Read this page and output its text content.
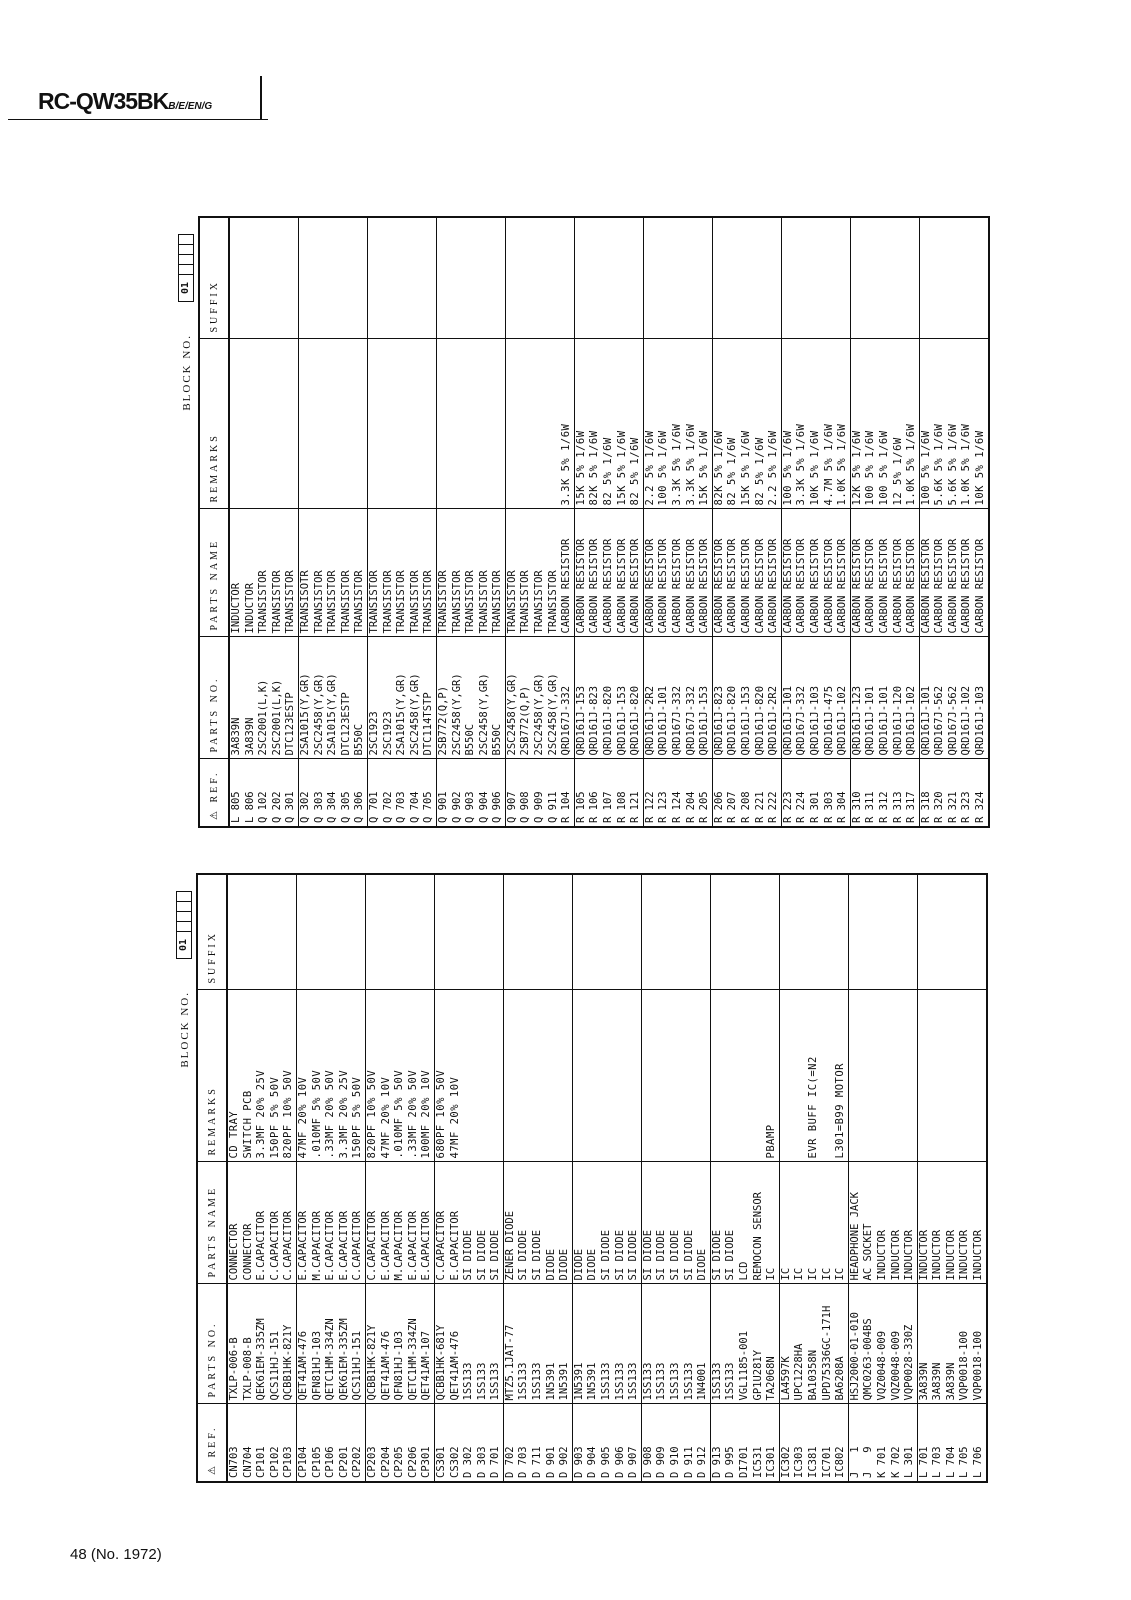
RC-QW35BKB/E/EN/G
BLOCK NO.
01
⚠ REF.	PARTS NO.	PARTS NAME	REMARKS	SUFFIX
CN703	TXLP-006-B	CONNECTOR	CD TRAY	
CN704	TXLP-008-B	CONNECTOR	SWITCH PCB	
CP101	QEK61EM-335ZM	E.CAPACITOR	3.3MF 20% 25V	
CP102	QCS11HJ-151	C.CAPACITOR	150PF 5% 50V	
CP103	QCBB1HK-821Y	C.CAPACITOR	820PF 10% 50V	
CP104	QET41AM-476	E.CAPACITOR	47MF 20% 10V	
CP105	QFN81HJ-103	M.CAPACITOR	.010MF 5% 50V	
CP106	QETC1HM-334ZN	E.CAPACITOR	.33MF 20% 50V	
CP201	QEK61EM-335ZM	E.CAPACITOR	3.3MF 20% 25V	
CP202	QCS11HJ-151	C.CAPACITOR	150PF 5% 50V	
CP203	QCBB1HK-821Y	C.CAPACITOR	820PF 10% 50V	
CP204	QET41AM-476	E.CAPACITOR	47MF 20% 10V	
CP205	QFN81HJ-103	M.CAPACITOR	.010MF 5% 50V	
CP206	QETC1HM-334ZN	E.CAPACITOR	.33MF 20% 50V	
CP301	QET41AM-107	E.CAPACITOR	100MF 20% 10V	
CS301	QCBB1HK-681Y	C.CAPACITOR	680PF 10% 50V	
CS302	QET41AM-476	E.CAPACITOR	47MF 20% 10V	
D 302	1SS133	SI DIODE		
D 303	1SS133	SI DIODE		
D 701	1SS133	SI DIODE		
D 702	MTZ5.1JAT-77	ZENER DIODE		
D 703	1SS133	SI DIODE		
D 711	1SS133	SI DIODE		
D 901	1N5391	DIODE		
D 902	1N5391	DIODE		
D 903	1N5391	DIODE		
D 904	1N5391	DIODE		
D 905	1SS133	SI DIODE		
D 906	1SS133	SI DIODE		
D 907	1SS133	SI DIODE		
D 908	1SS133	SI DIODE		
D 909	1SS133	SI DIODE		
D 910	1SS133	SI DIODE		
D 911	1SS133	SI DIODE		
D 912	1N4001	DIODE		
D 913	1SS133	SI DIODE		
D 995	1SS133	SI DIODE		
DI701	VGL1185-001	LCD		
IC531	GP1U281Y	REMOCON SENSOR		
IC301	TA2068N	IC	PBAMP	
IC302	LA4597K	IC		
IC303	UPC1228HA	IC		
IC381	BA10358N	IC	EVR BUFF IC(=N2	
IC701	UPD75336GC-171H	IC		
IC802	BA6208A	IC	L301=B99 MOTOR	
J   1	HSJ2000-01-010	HEADPHONE JACK		
J   9	QMC0263-004BS	AC SOCKET		
K 701	VQZ0048-009	INDUCTOR		
K 702	VQZ0048-009	INDUCTOR		
L 301	VQP0028-330Z	INDUCTOR		
L 701	3A839N	INDUCTOR		
L 703	3A839N	INDUCTOR		
L 704	3A839N	INDUCTOR		
L 705	VQP0018-100	INDUCTOR		
L 706	VQP0018-100	INDUCTOR		
BLOCK NO.
01
⚠ REF.	PARTS NO.	PARTS NAME	REMARKS	SUFFIX
L 805	3A839N	INDUCTOR		
L 806	3A839N	INDUCTOR		
Q 102	2SC2001(L,K)	TRANSISTOR		
Q 202	2SC2001(L,K)	TRANSISTOR		
Q 301	DTC123ESTP	TRANSISTOR		
Q 302	2SA1015(Y,GR)	TRANSISOTR		
Q 303	2SC2458(Y,GR)	TRANSISTOR		
Q 304	2SA1015(Y,GR)	TRANSISTOR		
Q 305	DTC123ESTP	TRANSISTOR		
Q 306	B550C	TRANSISTOR		
Q 701	2SC1923	TRANSISTOR		
Q 702	2SC1923	TRANSISTOR		
Q 703	2SA1015(Y,GR)	TRANSISTOR		
Q 704	2SC2458(Y,GR)	TRANSISTOR		
Q 705	DTC114TSTP	TRANSISTOR		
Q 901	2SB772(Q,P)	TRANSISTOR		
Q 902	2SC2458(Y,GR)	TRANSISTOR		
Q 903	B550C	TRANSISTOR		
Q 904	2SC2458(Y,GR)	TRANSISTOR		
Q 906	B550C	TRANSISTOR		
Q 907	2SC2458(Y,GR)	TRANSISTOR		
Q 908	2SB772(Q,P)	TRANSISTOR		
Q 909	2SC2458(Y,GR)	TRANSISTOR		
Q 911	2SC2458(Y,GR)	TRANSISTOR		
R 104	QRD167J-332	CARBON RESISTOR	3.3K 5% 1/6W	
R 105	QRD161J-153	CARBON RESISTOR	15K 5% 1/6W	
R 106	QRD161J-823	CARBON RESISTOR	82K 5% 1/6W	
R 107	QRD161J-820	CARBON RESISTOR	82 5% 1/6W	
R 108	QRD161J-153	CARBON RESISTOR	15K 5% 1/6W	
R 121	QRD161J-820	CARBON RESISTOR	82 5% 1/6W	
R 122	QRD161J-2R2	CARBON RESISTOR	2.2 5% 1/6W	
R 123	QRD161J-101	CARBON RESISTOR	100 5% 1/6W	
R 124	QRD167J-332	CARBON RESISTOR	3.3K 5% 1/6W	
R 204	QRD167J-332	CARBON RESISTOR	3.3K 5% 1/6W	
R 205	QRD161J-153	CARBON RESISTOR	15K 5% 1/6W	
R 206	QRD161J-823	CARBON RESISTOR	82K 5% 1/6W	
R 207	QRD161J-820	CARBON RESISTOR	82 5% 1/6W	
R 208	QRD161J-153	CARBON RESISTOR	15K 5% 1/6W	
R 221	QRD161J-820	CARBON RESISTOR	82 5% 1/6W	
R 222	QRD161J-2R2	CARBON RESISTOR	2.2 5% 1/6W	
R 223	QRD161J-101	CARBON RESISTOR	100 5% 1/6W	
R 224	QRD167J-332	CARBON RESISTOR	3.3K 5% 1/6W	
R 301	QRD161J-103	CARBON RESISTOR	10K 5% 1/6W	
R 303	QRD161J-475	CARBON RESISTOR	4.7M 5% 1/6W	
R 304	QRD161J-102	CARBON RESISTOR	1.0K 5% 1/6W	
R 310	QRD161J-123	CARBON RESISTOR	12K 5% 1/6W	
R 311	QRD161J-101	CARBON RESISTOR	100 5% 1/6W	
R 312	QRD161J-101	CARBON RESISTOR	100 5% 1/6W	
R 313	QRD161J-120	CARBON RESISTOR	12 5% 1/6W	
R 317	QRD161J-102	CARBON RESISTOR	1.0K 5% 1/6W	
R 318	QRD161J-101	CARBON RESISTOR	100 5% 1/6W	
R 320	QRD167J-562	CARBON RESISTOR	5.6K 5% 1/6W	
R 321	QRD167J-562	CARBON RESISTOR	5.6K 5% 1/6W	
R 323	QRD161J-102	CARBON RESISTOR	1.0K 5% 1/6W	
R 324	QRD161J-103	CARBON RESISTOR	10K 5% 1/6W	
48 (No. 1972)
